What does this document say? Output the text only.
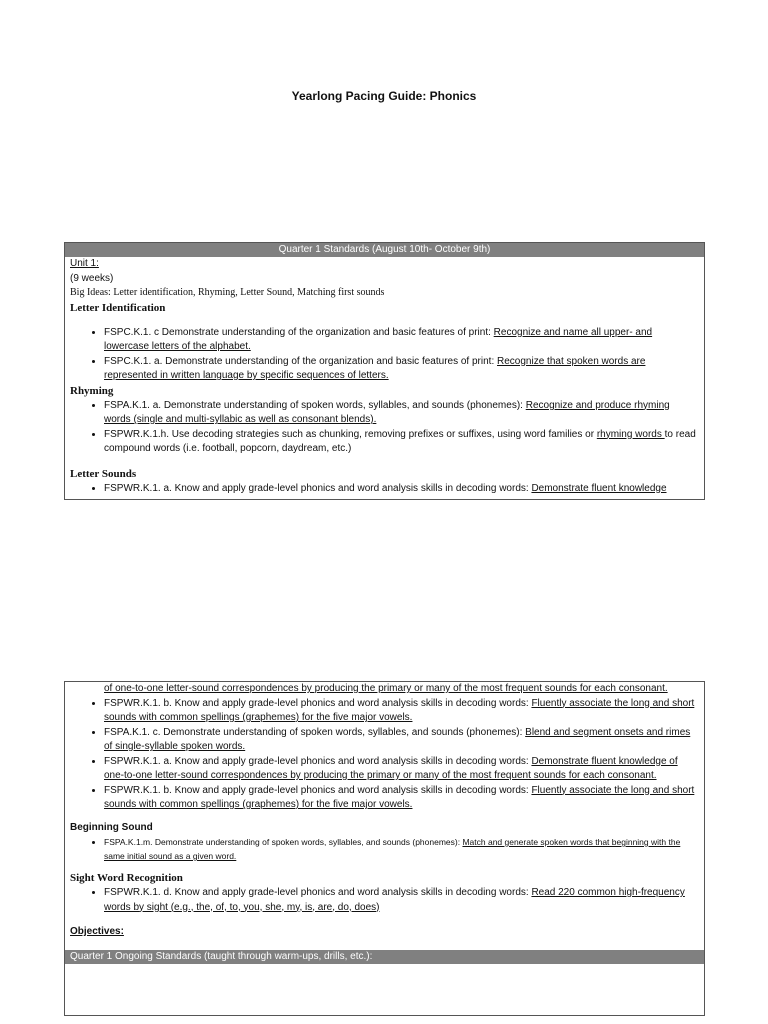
Yearlong Pacing Guide: Phonics
Quarter 1 Standards (August 10th- October 9th)
Unit 1:
(9 weeks)
Big Ideas: Letter identification, Rhyming, Letter Sound, Matching first sounds
Letter Identification
• FSPC.K.1. c Demonstrate understanding of the organization and basic features of print: Recognize and name all upper- and lowercase letters of the alphabet.
• FSPC.K.1. a. Demonstrate understanding of the organization and basic features of print: Recognize that spoken words are represented in written language by specific sequences of letters.
Rhyming
• FSPA.K.1. a. Demonstrate understanding of spoken words, syllables, and sounds (phonemes): Recognize and produce rhyming words (single and multi-syllabic as well as consonant blends).
• FSPWR.K.1.h. Use decoding strategies such as chunking, removing prefixes or suffixes, using word families or rhyming words to read compound words (i.e. football, popcorn, daydream, etc.)
Letter Sounds
• FSPWR.K.1. a. Know and apply grade-level phonics and word analysis skills in decoding words: Demonstrate fluent knowledge
of one-to-one letter-sound correspondences by producing the primary or many of the most frequent sounds for each consonant.
• FSPWR.K.1. b. Know and apply grade-level phonics and word analysis skills in decoding words: Fluently associate the long and short sounds with common spellings (graphemes) for the five major vowels.
• FSPA.K.1. c. Demonstrate understanding of spoken words, syllables, and sounds (phonemes): Blend and segment onsets and rimes of single-syllable spoken words.
• FSPWR.K.1. a. Know and apply grade-level phonics and word analysis skills in decoding words: Demonstrate fluent knowledge of one-to-one letter-sound correspondences by producing the primary or many of the most frequent sounds for each consonant.
• FSPWR.K.1. b. Know and apply grade-level phonics and word analysis skills in decoding words: Fluently associate the long and short sounds with common spellings (graphemes) for the five major vowels.
Beginning Sound
• FSPA.K.1.m. Demonstrate understanding of spoken words, syllables, and sounds (phonemes): Match and generate spoken words that beginning with the same initial sound as a given word.
Sight Word Recognition
• FSPWR.K.1. d. Know and apply grade-level phonics and word analysis skills in decoding words: Read 220 common high-frequency words by sight (e.g., the, of, to, you, she, my, is, are, do, does)
Objectives:
Quarter 1 Ongoing Standards (taught through warm-ups, drills, etc.):
